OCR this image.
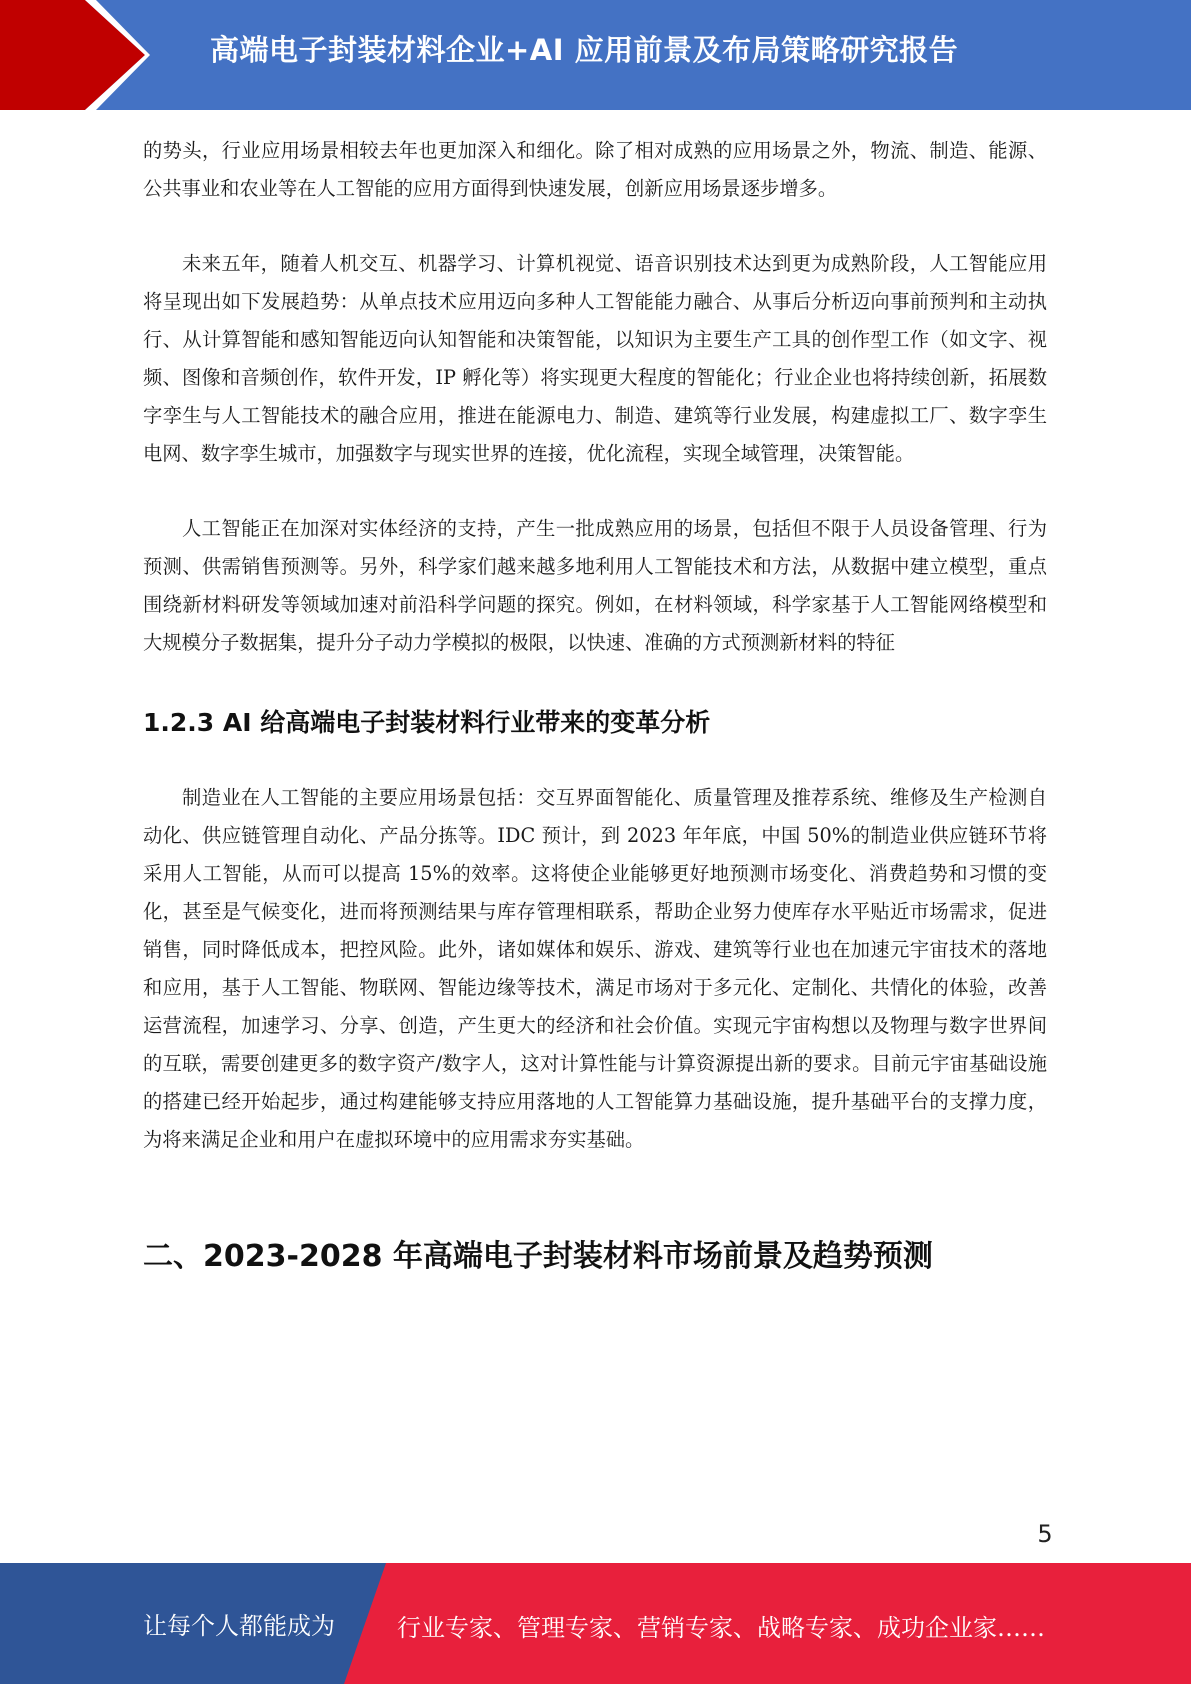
高端电子封装材料企业+AI 应用前景及布局策略研究报告

的势头，行业应用场景相较去年也更加深入和细化。除了相对成熟的应用场景之外，物流、制造、能源、公共事业和农业等在人工智能的应用方面得到快速发展，创新应用场景逐步增多。

未来五年，随着人机交互、机器学习、计算机视觉、语音识别技术达到更为成熟阶段，人工智能应用将呈现出如下发展趋势：从单点技术应用迈向多种人工智能能力融合、从事后分析迈向事前预判和主动执行、从计算智能和感知智能迈向认知智能和决策智能，以知识为主要生产工具的创作型工作（如文字、视频、图像和音频创作，软件开发，IP 孵化等）将实现更大程度的智能化；行业企业也将持续创新，拓展数字孪生与人工智能技术的融合应用，推进在能源电力、制造、建筑等行业发展，构建虚拟工厂、数字孪生电网、数字孪生城市，加强数字与现实世界的连接，优化流程，实现全域管理，决策智能。

人工智能正在加深对实体经济的支持，产生一批成熟应用的场景，包括但不限于人员设备管理、行为预测、供需销售预测等。另外，科学家们越来越多地利用人工智能技术和方法，从数据中建立模型，重点围绕新材料研发等领域加速对前沿科学问题的探究。例如，在材料领域，科学家基于人工智能网络模型和大规模分子数据集，提升分子动力学模拟的极限，以快速、准确的方式预测新材料的特征

1.2.3 AI 给高端电子封装材料行业带来的变革分析

制造业在人工智能的主要应用场景包括：交互界面智能化、质量管理及推荐系统、维修及生产检测自动化、供应链管理自动化、产品分拣等。IDC 预计，到 2023 年年底，中国 50%的制造业供应链环节将采用人工智能，从而可以提高 15%的效率。这将使企业能够更好地预测市场变化、消费趋势和习惯的变化，甚至是气候变化，进而将预测结果与库存管理相联系，帮助企业努力使库存水平贴近市场需求，促进销售，同时降低成本，把控风险。此外，诸如媒体和娱乐、游戏、建筑等行业也在加速元宇宙技术的落地和应用，基于人工智能、物联网、智能边缘等技术，满足市场对于多元化、定制化、共情化的体验，改善运营流程，加速学习、分享、创造，产生更大的经济和社会价值。实现元宇宙构想以及物理与数字世界间的互联，需要创建更多的数字资产/数字人，这对计算性能与计算资源提出新的要求。目前元宇宙基础设施的搭建已经开始起步，通过构建能够支持应用落地的人工智能算力基础设施，提升基础平台的支撑力度，为将来满足企业和用户在虚拟环境中的应用需求夯实基础。

二、2023-2028 年高端电子封装材料市场前景及趋势预测
5
让每个人都能成为	行业专家、管理专家、营销专家、战略专家、成功企业家……
